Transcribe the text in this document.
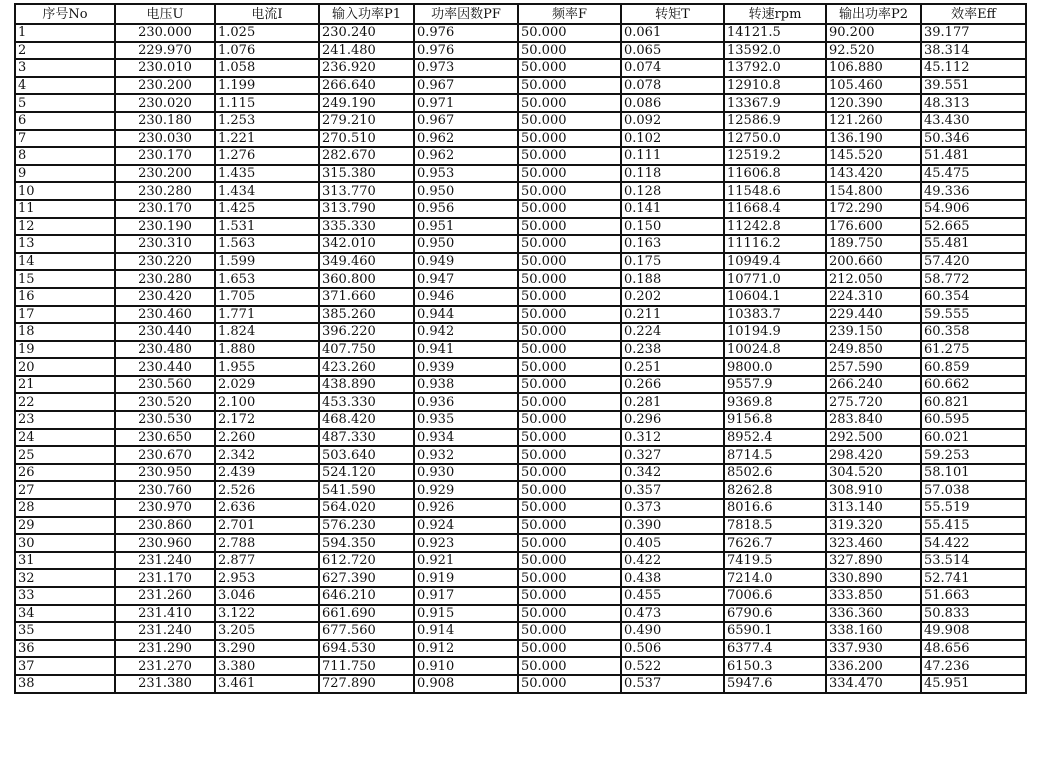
序号No	电压U	电流I	输入功率P1	功率因数PF	频率F	转矩T	转速rpm	输出功率P2	效率Eff
1	230.000	1.025	230.240	0.976	50.000	0.061	14121.5	90.200	39.177
2	229.970	1.076	241.480	0.976	50.000	0.065	13592.0	92.520	38.314
3	230.010	1.058	236.920	0.973	50.000	0.074	13792.0	106.880	45.112
4	230.200	1.199	266.640	0.967	50.000	0.078	12910.8	105.460	39.551
5	230.020	1.115	249.190	0.971	50.000	0.086	13367.9	120.390	48.313
6	230.180	1.253	279.210	0.967	50.000	0.092	12586.9	121.260	43.430
7	230.030	1.221	270.510	0.962	50.000	0.102	12750.0	136.190	50.346
8	230.170	1.276	282.670	0.962	50.000	0.111	12519.2	145.520	51.481
9	230.200	1.435	315.380	0.953	50.000	0.118	11606.8	143.420	45.475
10	230.280	1.434	313.770	0.950	50.000	0.128	11548.6	154.800	49.336
11	230.170	1.425	313.790	0.956	50.000	0.141	11668.4	172.290	54.906
12	230.190	1.531	335.330	0.951	50.000	0.150	11242.8	176.600	52.665
13	230.310	1.563	342.010	0.950	50.000	0.163	11116.2	189.750	55.481
14	230.220	1.599	349.460	0.949	50.000	0.175	10949.4	200.660	57.420
15	230.280	1.653	360.800	0.947	50.000	0.188	10771.0	212.050	58.772
16	230.420	1.705	371.660	0.946	50.000	0.202	10604.1	224.310	60.354
17	230.460	1.771	385.260	0.944	50.000	0.211	10383.7	229.440	59.555
18	230.440	1.824	396.220	0.942	50.000	0.224	10194.9	239.150	60.358
19	230.480	1.880	407.750	0.941	50.000	0.238	10024.8	249.850	61.275
20	230.440	1.955	423.260	0.939	50.000	0.251	9800.0	257.590	60.859
21	230.560	2.029	438.890	0.938	50.000	0.266	9557.9	266.240	60.662
22	230.520	2.100	453.330	0.936	50.000	0.281	9369.8	275.720	60.821
23	230.530	2.172	468.420	0.935	50.000	0.296	9156.8	283.840	60.595
24	230.650	2.260	487.330	0.934	50.000	0.312	8952.4	292.500	60.021
25	230.670	2.342	503.640	0.932	50.000	0.327	8714.5	298.420	59.253
26	230.950	2.439	524.120	0.930	50.000	0.342	8502.6	304.520	58.101
27	230.760	2.526	541.590	0.929	50.000	0.357	8262.8	308.910	57.038
28	230.970	2.636	564.020	0.926	50.000	0.373	8016.6	313.140	55.519
29	230.860	2.701	576.230	0.924	50.000	0.390	7818.5	319.320	55.415
30	230.960	2.788	594.350	0.923	50.000	0.405	7626.7	323.460	54.422
31	231.240	2.877	612.720	0.921	50.000	0.422	7419.5	327.890	53.514
32	231.170	2.953	627.390	0.919	50.000	0.438	7214.0	330.890	52.741
33	231.260	3.046	646.210	0.917	50.000	0.455	7006.6	333.850	51.663
34	231.410	3.122	661.690	0.915	50.000	0.473	6790.6	336.360	50.833
35	231.240	3.205	677.560	0.914	50.000	0.490	6590.1	338.160	49.908
36	231.290	3.290	694.530	0.912	50.000	0.506	6377.4	337.930	48.656
37	231.270	3.380	711.750	0.910	50.000	0.522	6150.3	336.200	47.236
38	231.380	3.461	727.890	0.908	50.000	0.537	5947.6	334.470	45.951
